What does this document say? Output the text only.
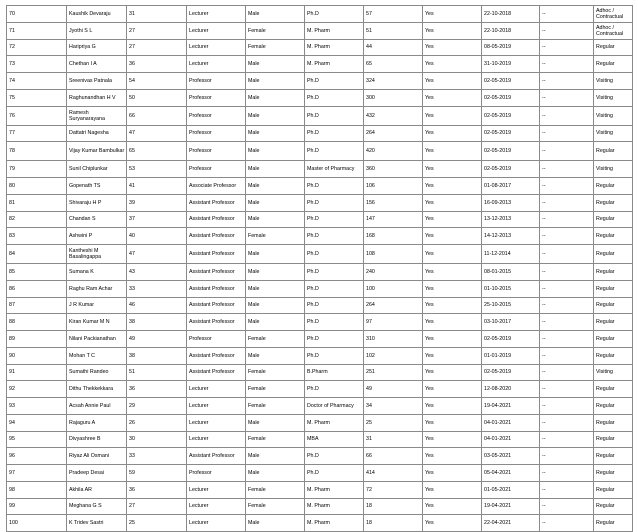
70	Kaushik Devaraju	31	Lecturer	Male	Ph.D	57	Yes	22-10-2018	--	Adhoc / Contractual
71	Jyothi S L	27	Lecturer	Female	M. Pharm	51	Yes	22-10-2018	--	Adhoc / Contractual
72	Haripriya G	27	Lecturer	Female	M. Pharm	44	Yes	08-05-2019	--	Regular
73	Chethan I A	36	Lecturer	Male	M. Pharm	65	Yes	31-10-2019	--	Regular
74	Sreenivas Patnala	54	Professor	Male	Ph.D	324	Yes	02-05-2019	--	Visiting
75	Raghunandhan H V	50	Professor	Male	Ph.D	300	Yes	02-05-2019	--	Visiting
76	Ramesh Suryanarayana	66	Professor	Male	Ph.D	432	Yes	02-05-2019	--	Visiting
77	Dattatri Nagesha	47	Professor	Male	Ph.D	264	Yes	02-05-2019	--	Visiting
78	Vijay Kumar Bambulkar	65	Professor	Male	Ph.D	420	Yes	02-05-2019	--	Regular
79	Sunil Chiplunkar	53	Professor	Male	Master of Pharmacy	360	Yes	02-05-2019	--	Visiting
80	Gopenath TS	41	Associate Professor	Male	Ph.D	106	Yes	01-08-2017	--	Regular
81	Shivaraju H P	39	Assistant Professor	Male	Ph.D	156	Yes	16-09-2013	--	Regular
82	Chandan S	37	Assistant Professor	Male	Ph.D	147	Yes	13-12-2013	--	Regular
83	Ashwini P	40	Assistant Professor	Female	Ph.D	168	Yes	14-12-2013	--	Regular
84	Kantheshi M Basalingappa	47	Assistant Professor	Male	Ph.D	108	Yes	11-12-2014	--	Regular
85	Sumana K	43	Assistant Professor	Male	Ph.D	240	Yes	08-01-2015	--	Regular
86	Raghu Ram Achar	33	Assistant Professor	Male	Ph.D	100	Yes	01-10-2015	--	Regular
87	J R Kumar	46	Assistant Professor	Male	Ph.D	264	Yes	25-10-2015	--	Regular
88	Kiran Kumar M N	38	Assistant Professor	Male	Ph.D	97	Yes	03-10-2017	--	Regular
89	Nilani Packianathan	49	Professor	Female	Ph.D	310	Yes	02-05-2019	--	Regular
90	Mohan T C	38	Assistant Professor	Male	Ph.D	102	Yes	01-01-2019	--	Regular
91	Sumathi Randeo	51	Assistant Professor	Female	B.Pharm	251	Yes	02-05-2019	--	Visiting
92	Dithu Thekkekkara	36	Lecturer	Female	Ph.D	49	Yes	12-08-2020	--	Regular
93	Acsah Annie Paul	29	Lecturer	Female	Doctor of Pharmacy	34	Yes	19-04-2021	--	Regular
94	Rajaguru A	26	Lecturer	Male	M. Pharm	25	Yes	04-01-2021	--	Regular
95	Divyashree B	30	Lecturer	Female	MBA	31	Yes	04-01-2021	--	Regular
96	Riyaz Ali Osmani	33	Assistant Professor	Male	Ph.D	66	Yes	03-05-2021	--	Regular
97	Pradeep Desai	59	Professor	Male	Ph.D	414	Yes	05-04-2021	--	Regular
98	Akhila AR	36	Lecturer	Female	M. Pharm	72	Yes	01-05-2021	--	Regular
99	Meghana G S	27	Lecturer	Female	M. Pharm	18	Yes	19-04-2021	--	Regular
100	K Tridev Sastri	25	Lecturer	Male	M. Pharm	18	Yes	22-04-2021	--	Regular
